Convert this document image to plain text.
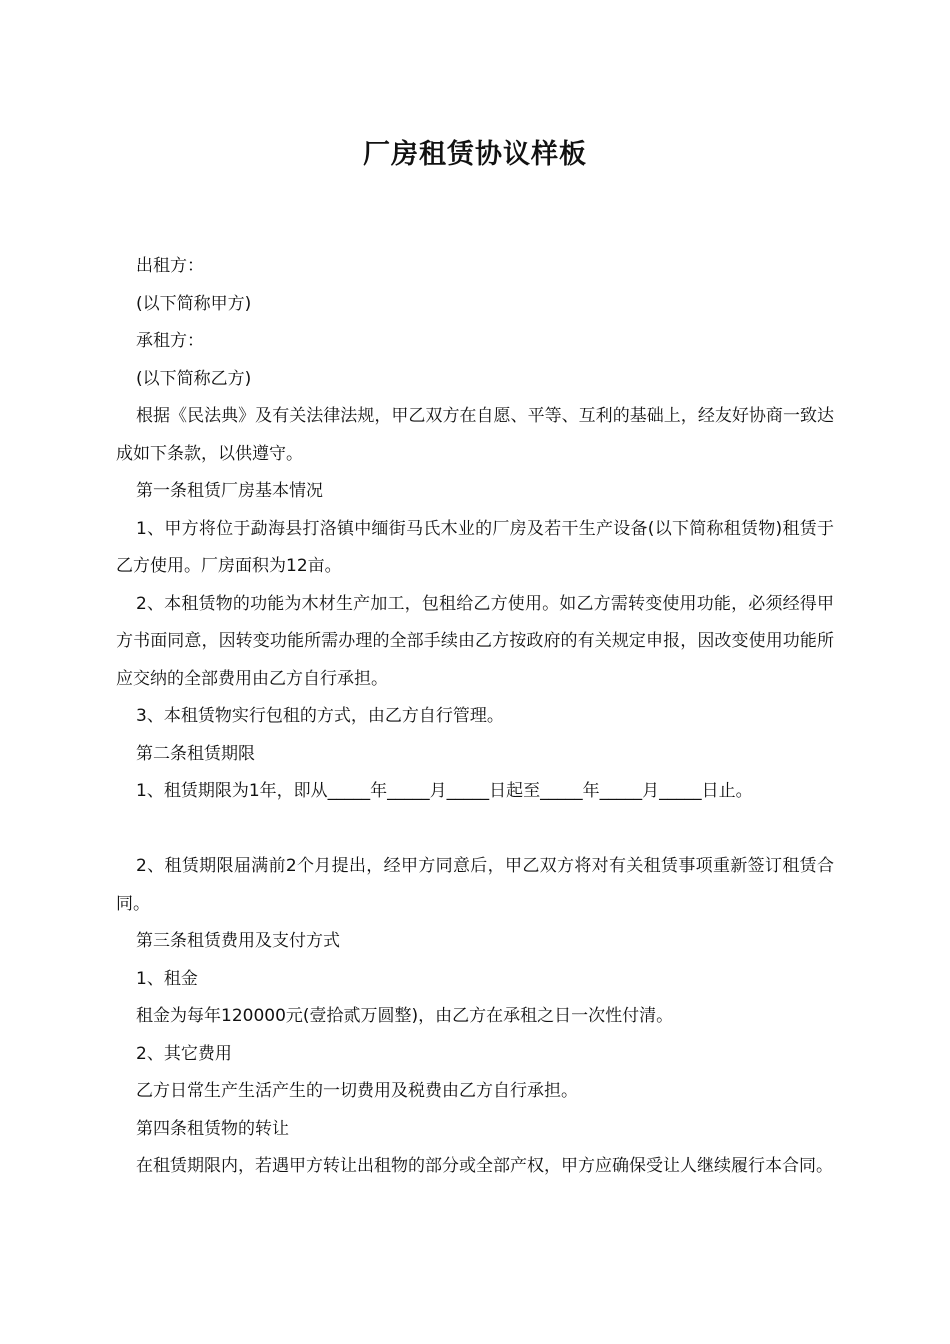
厂房租赁协议样板

出租方：

(以下简称甲方)

承租方：

(以下简称乙方)

根据《民法典》及有关法律法规，甲乙双方在自愿、平等、互利的基础上，经友好协商一致达成如下条款，以供遵守。

第一条租赁厂房基本情况

1、甲方将位于勐海县打洛镇中缅街马氏木业的厂房及若干生产设备(以下简称租赁物)租赁于乙方使用。厂房面积为12亩。

2、本租赁物的功能为木材生产加工，包租给乙方使用。如乙方需转变使用功能，必须经得甲方书面同意，因转变功能所需办理的全部手续由乙方按政府的有关规定申报，因改变使用功能所应交纳的全部费用由乙方自行承担。

3、本租赁物实行包租的方式，由乙方自行管理。

第二条租赁期限

1、租赁期限为1年，即从_____年_____月_____日起至_____年_____月_____日止。

2、租赁期限届满前2个月提出，经甲方同意后，甲乙双方将对有关租赁事项重新签订租赁合同。

第三条租赁费用及支付方式

1、租金

租金为每年120000元(壹拾贰万圆整)，由乙方在承租之日一次性付清。

2、其它费用

乙方日常生产生活产生的一切费用及税费由乙方自行承担。

第四条租赁物的转让

在租赁期限内，若遇甲方转让出租物的部分或全部产权，甲方应确保受让人继续履行本合同。
